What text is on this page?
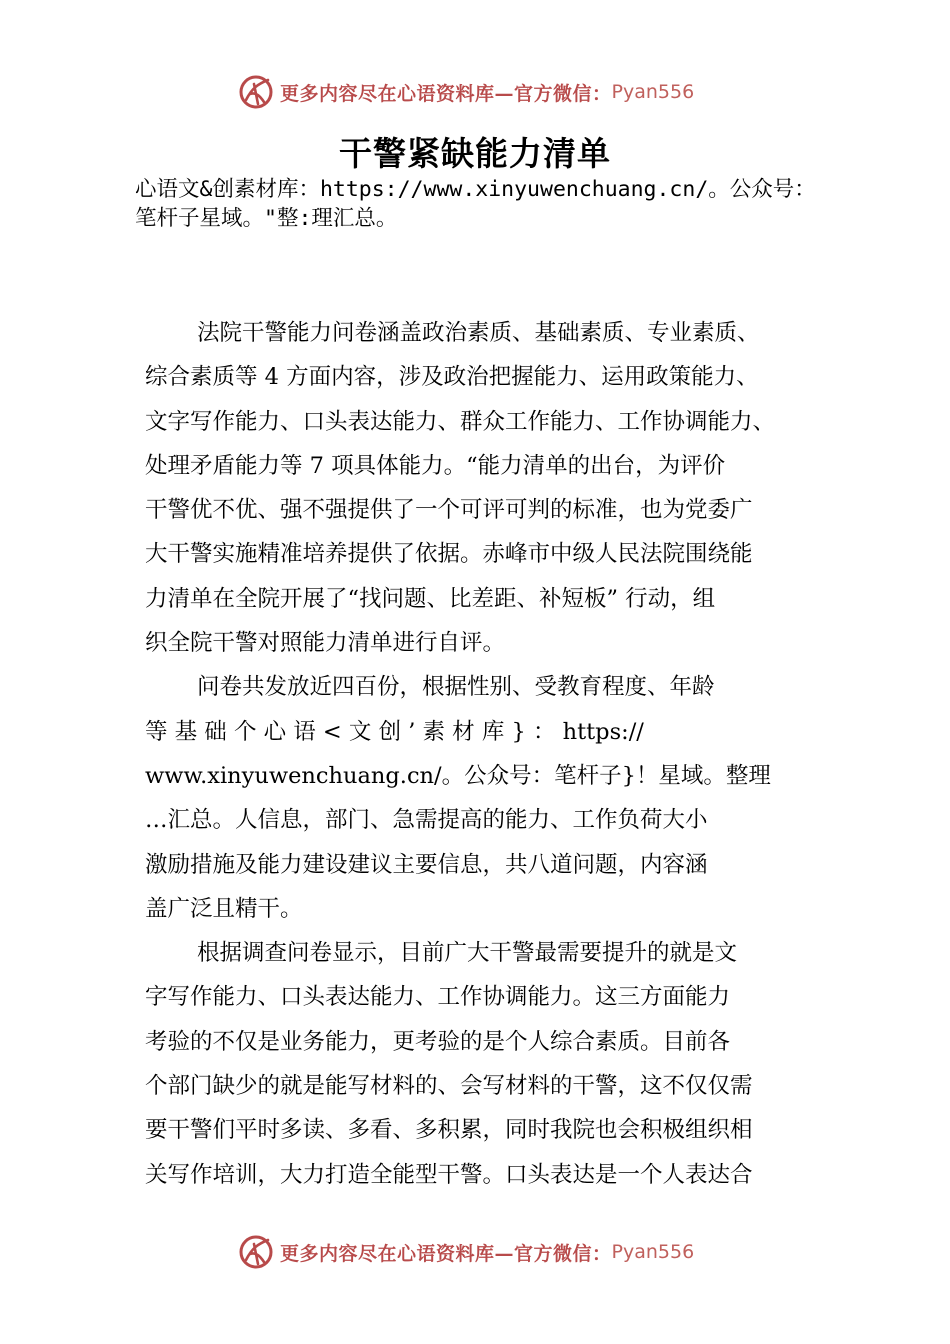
更多内容尽在心语资料库—官方微信： Pyan556
干警紧缺能力清单
心语文&创素材库：https://www.xinyuwenchuang.cn/。公众号：
笔杆子星域。"整:理汇总。
法院干警能力问卷涵盖政治素质、基础素质、专业素质、
综合素质等 4 方面内容，涉及政治把握能力、运用政策能力、
文字写作能力、口头表达能力、群众工作能力、工作协调能力、
处理矛盾能力等 7 项具体能力。“能力清单的出台，为评价
干警优不优、强不强提供了一个可评可判的标准，也为党委广
大干警实施精准培养提供了依据。赤峰市中级人民法院围绕能
力清单在全院开展了“找问题、比差距、补短板” 行动，组
织全院干警对照能力清单进行自评。
问卷共发放近四百份，根据性别、受教育程度、年龄
等 基 础 个 心 语 < 文 创 ’ 素 材 库 } ： https://
www.xinyuwenchuang.cn/。公众号：笔杆子}！星域。整理
…汇总。人信息，部门、急需提高的能力、工作负荷大小
激励措施及能力建设建议主要信息，共八道问题，内容涵
盖广泛且精干。
根据调查问卷显示，目前广大干警最需要提升的就是文
字写作能力、口头表达能力、工作协调能力。这三方面能力
考验的不仅是业务能力，更考验的是个人综合素质。目前各
个部门缺少的就是能写材料的、会写材料的干警，这不仅仅需
要干警们平时多读、多看、多积累，同时我院也会积极组织相
关写作培训，大力打造全能型干警。口头表达是一个人表达合
更多内容尽在心语资料库—官方微信： Pyan556
